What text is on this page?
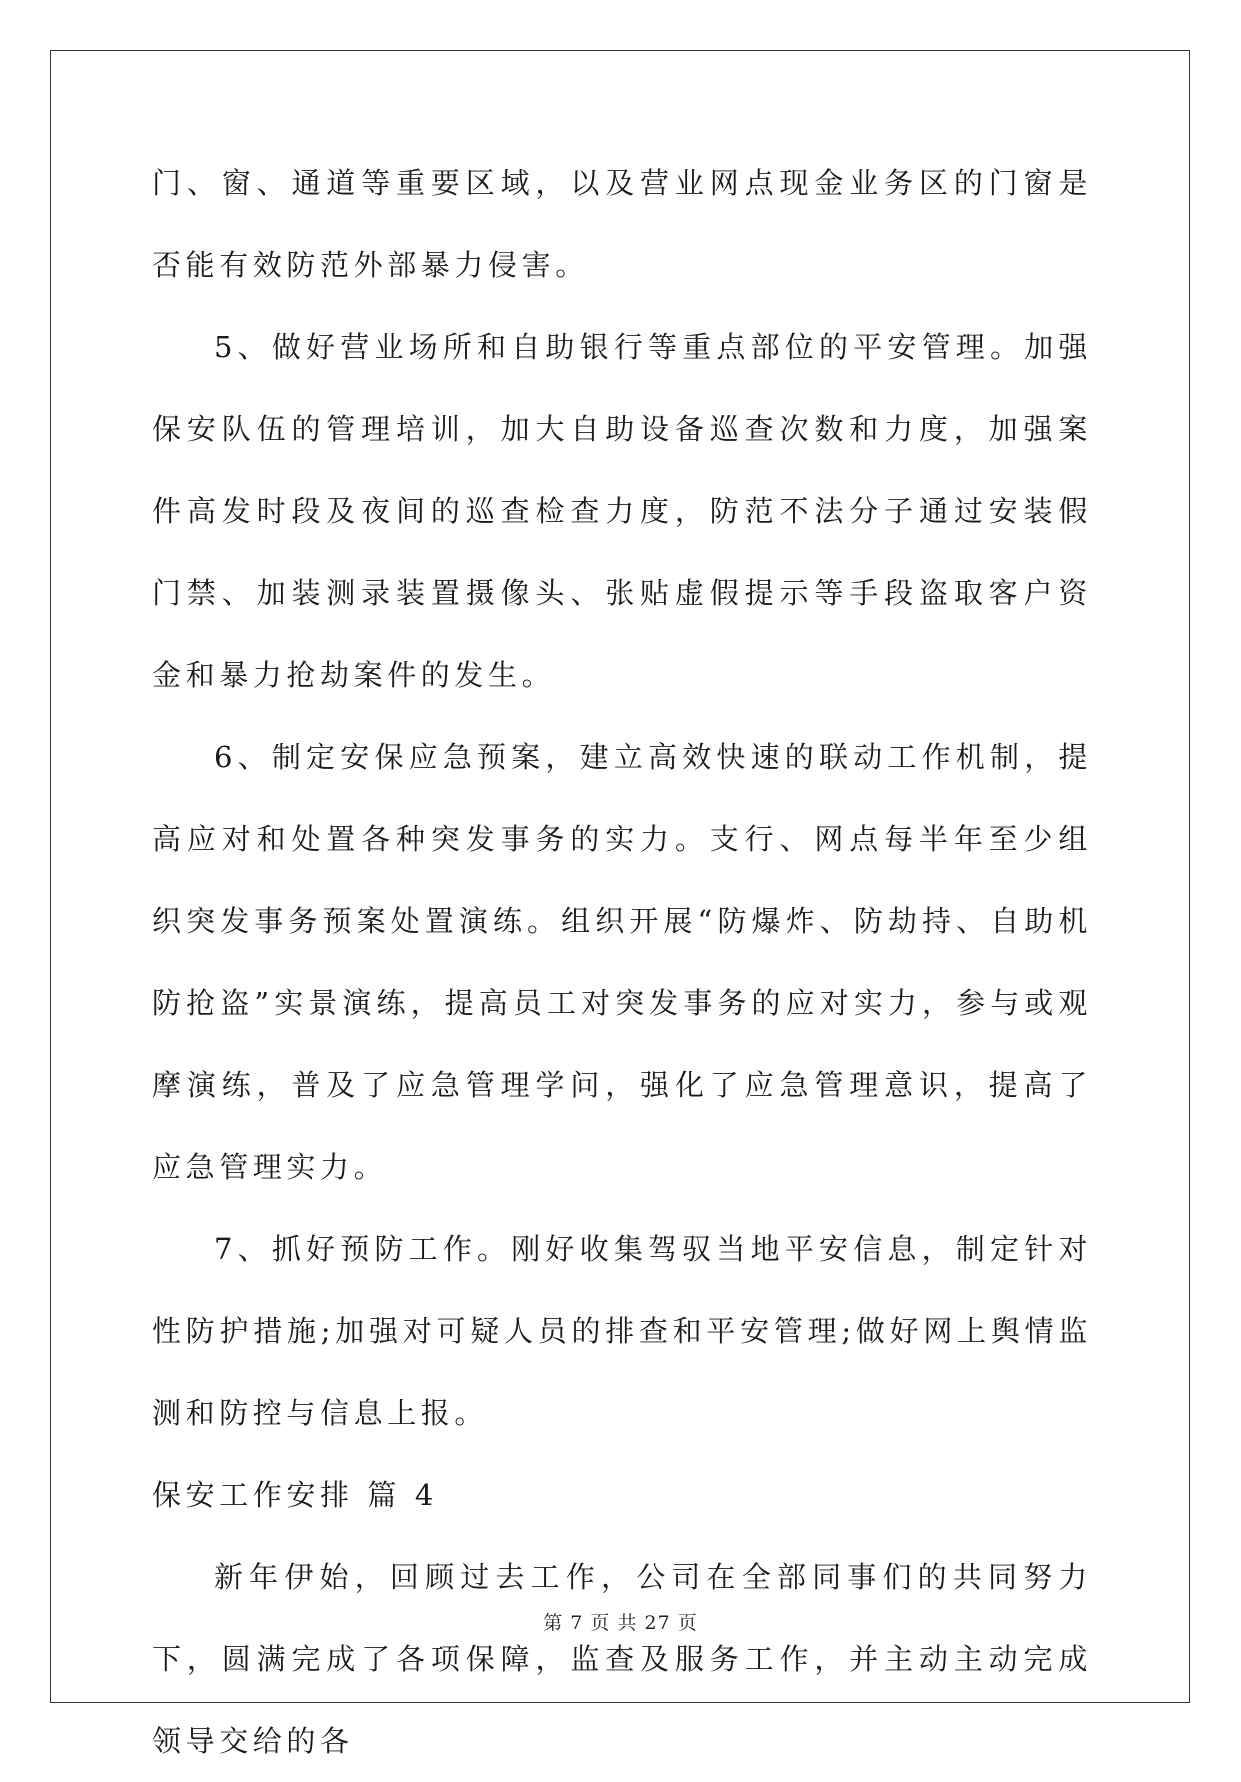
门、窗、通道等重要区域，以及营业网点现金业务区的门窗是否能有效防范外部暴力侵害。

5、做好营业场所和自助银行等重点部位的平安管理。加强保安队伍的管理培训，加大自助设备巡查次数和力度，加强案件高发时段及夜间的巡查检查力度，防范不法分子通过安装假门禁、加装测录装置摄像头、张贴虚假提示等手段盗取客户资金和暴力抢劫案件的发生。

6、制定安保应急预案，建立高效快速的联动工作机制，提高应对和处置各种突发事务的实力。支行、网点每半年至少组织突发事务预案处置演练。组织开展“防爆炸、防劫持、自助机防抢盗”实景演练，提高员工对突发事务的应对实力，参与或观摩演练，普及了应急管理学问，强化了应急管理意识，提高了应急管理实力。

7、抓好预防工作。刚好收集驾驭当地平安信息，制定针对性防护措施;加强对可疑人员的排查和平安管理;做好网上舆情监测和防控与信息上报。

保安工作安排 篇 4

新年伊始，回顾过去工作，公司在全部同事们的共同努力下，圆满完成了各项保障，监查及服务工作，并主动主动完成领导交给的各

第 7 页 共 27 页
